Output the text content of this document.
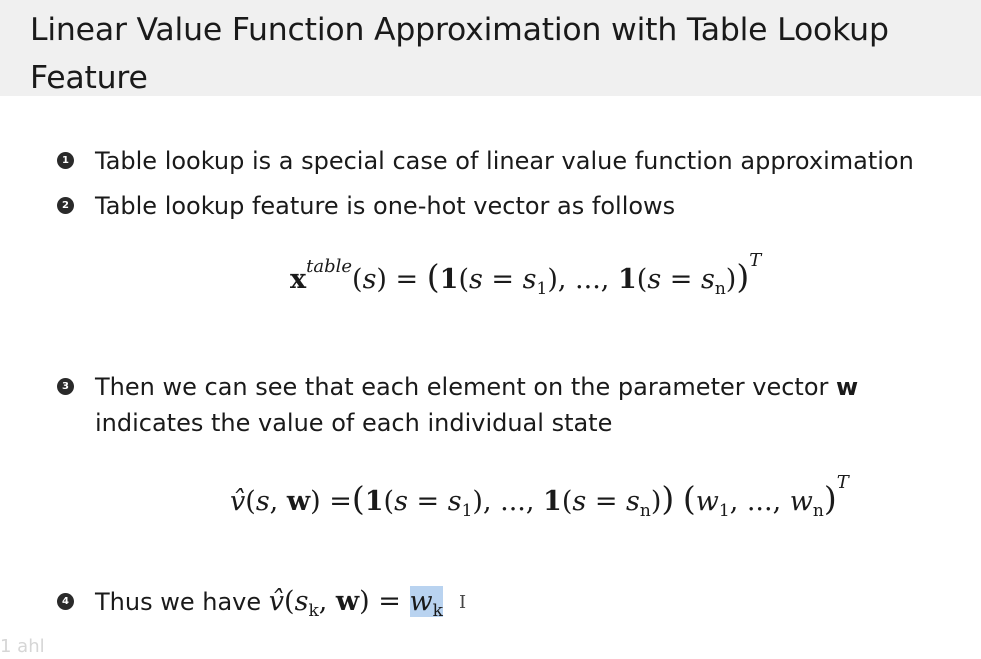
Linear Value Function Approximation with Table Lookup Feature
1 Table lookup is a special case of linear value function approximation
2 Table lookup feature is one-hot vector as follows
$x^{table}(s) = (1(s = s_1)$, ..., $1(s = s_n))^T$
3 Then we can see that each element on the parameter vector w
indicates the value of each individual state
v̂(s, $w) =(1(s = s_1)$, ..., $1(s = s_n)$) ($w_1$, ..., $w_n)^T$
4 Thus we have $v̂(s_k$, $w) = w_k$ I
1 ahl
